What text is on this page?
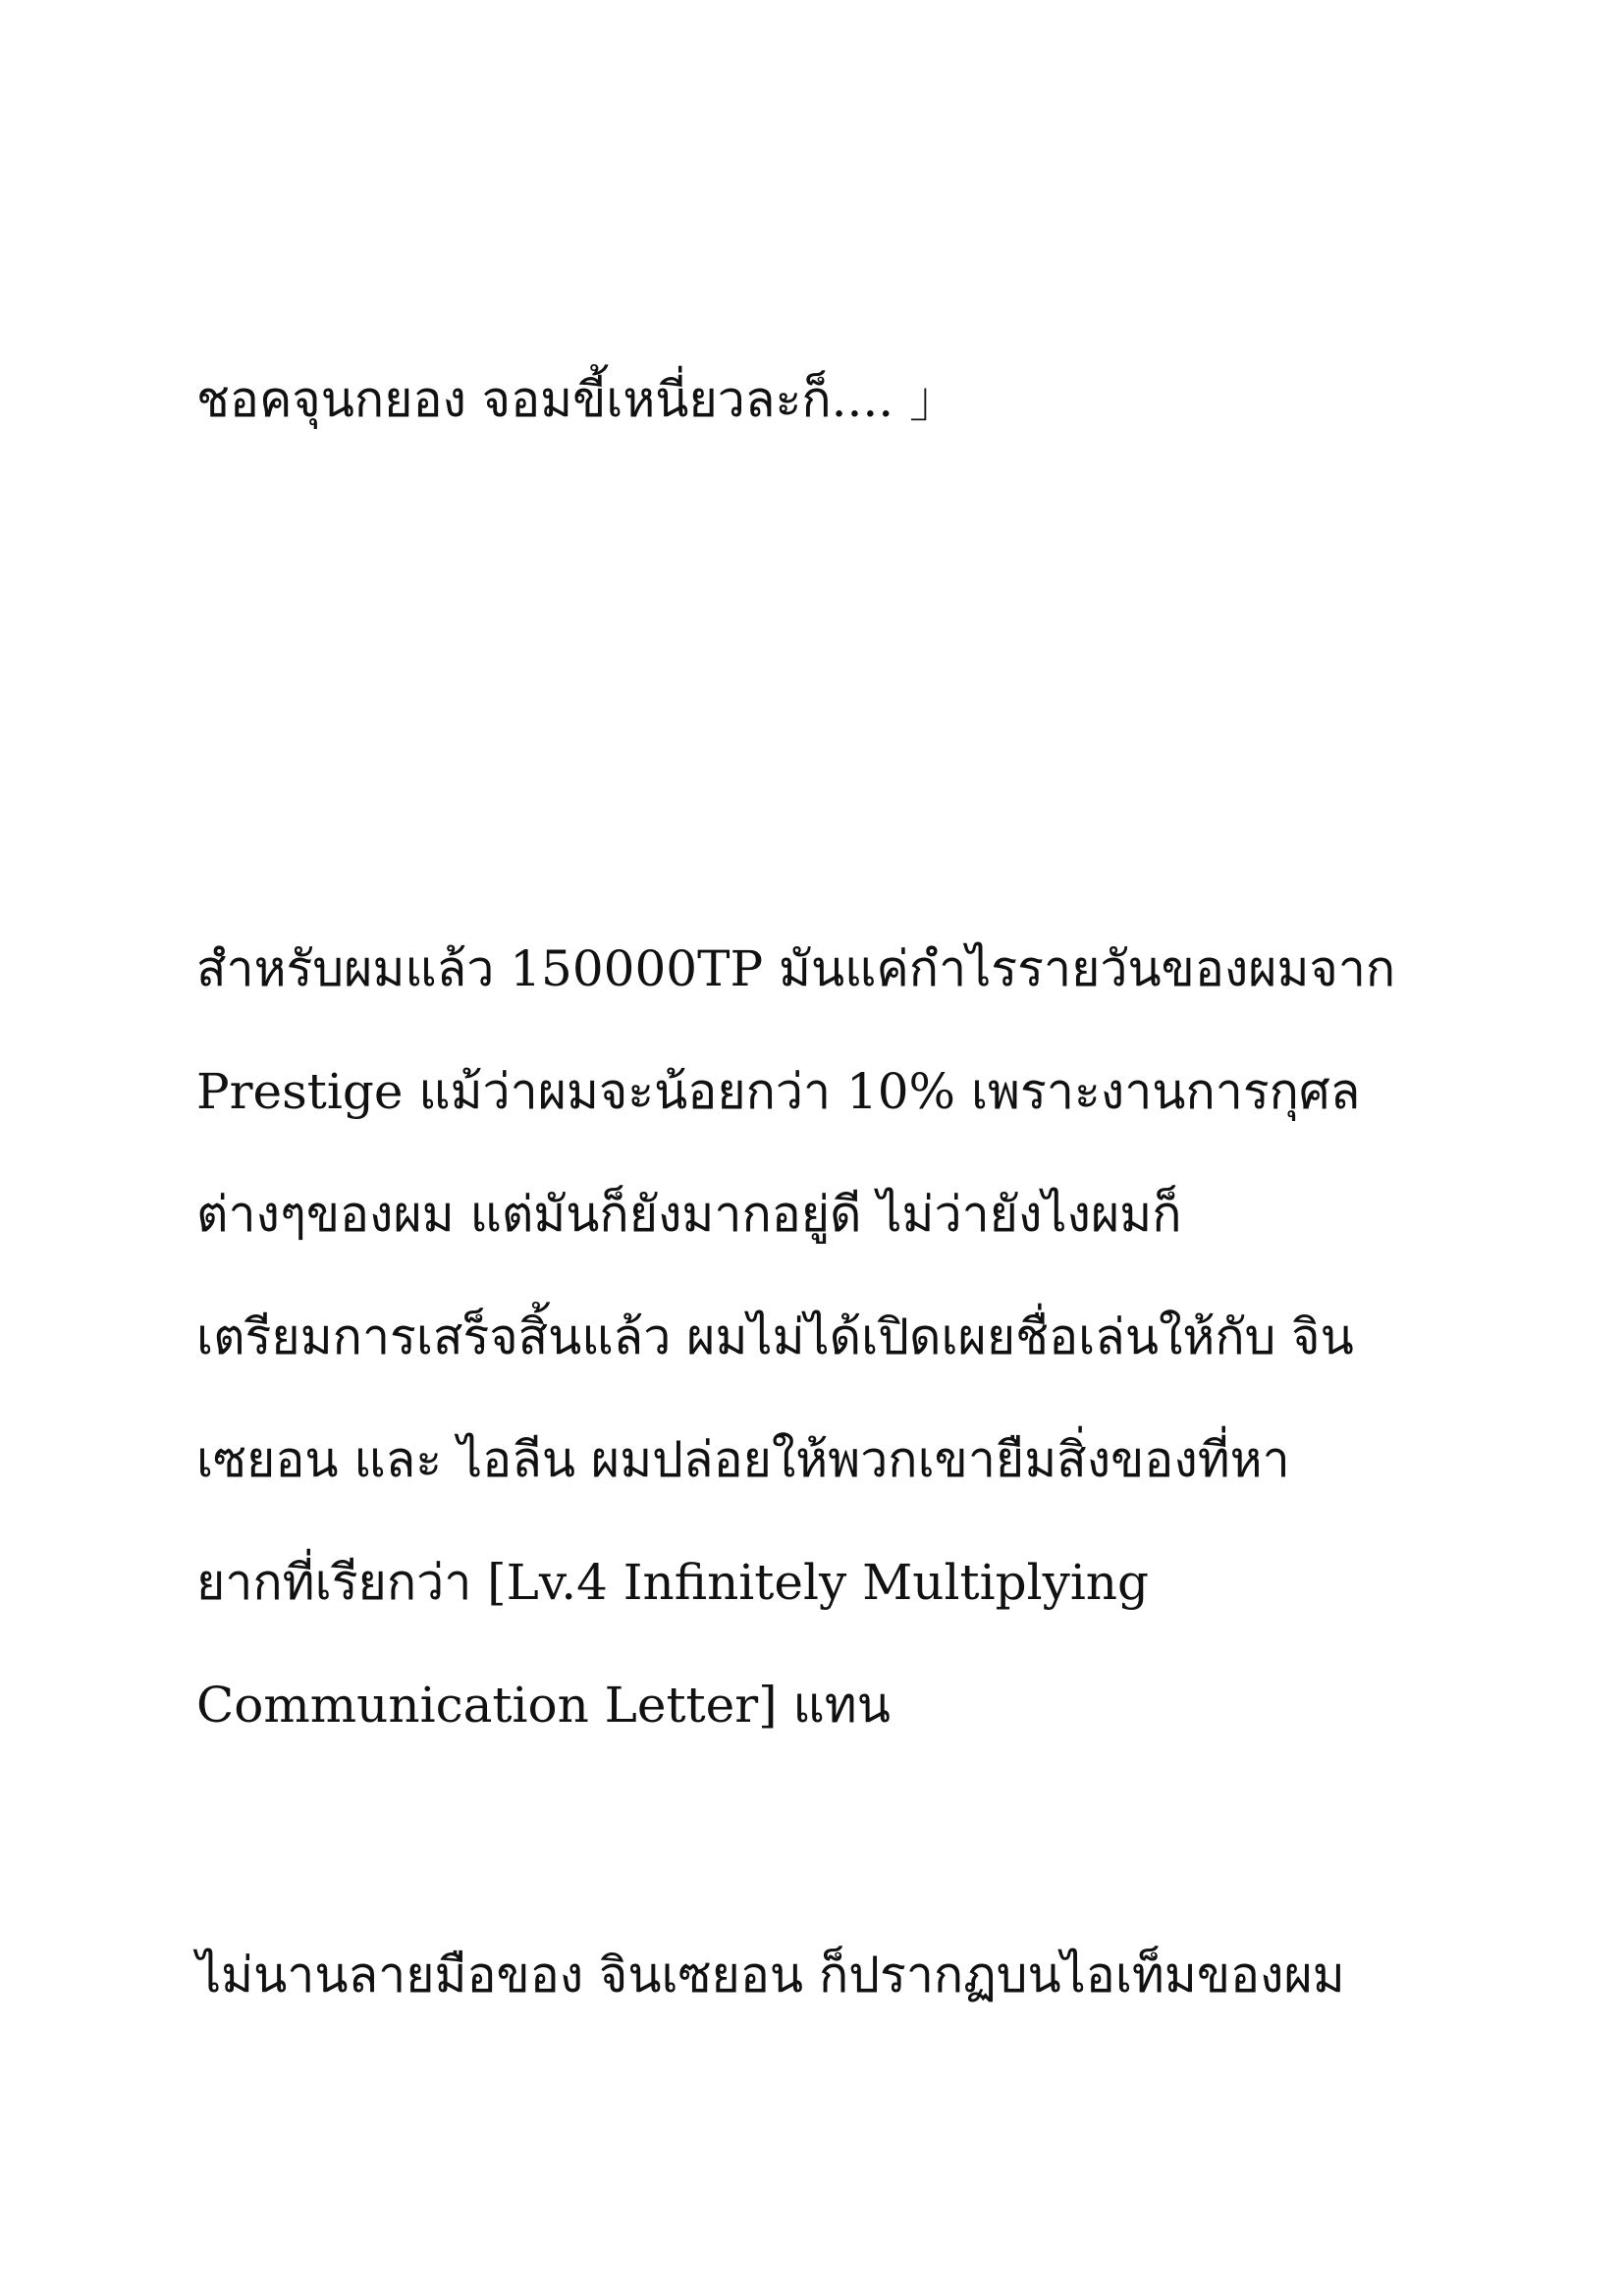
ชอคจุนกยอง จอมขี้เหนี่ยวละก็.... 」
สำหรับผมแล้ว 150000TP มันแค่กำไรรายวันของผมจาก
Prestige แม้ว่าผมจะน้อยกว่า 10% เพราะงานการกุศล
ต่างๆของผม แต่มันก็ยังมากอยู่ดี ไม่ว่ายังไงผมก็
เตรียมการเสร็จสิ้นแล้ว ผมไม่ได้เปิดเผยชื่อเล่นให้กับ จิน
เซยอน และ ไอลีน ผมปล่อยให้พวกเขายืมสิ่งของที่หา
ยากที่เรียกว่า [Lv.4 Infinitely Multiplying
Communication Letter] แทน
ไม่นานลายมือของ จินเซยอน ก็ปรากฏบนไอเท็มของผม
